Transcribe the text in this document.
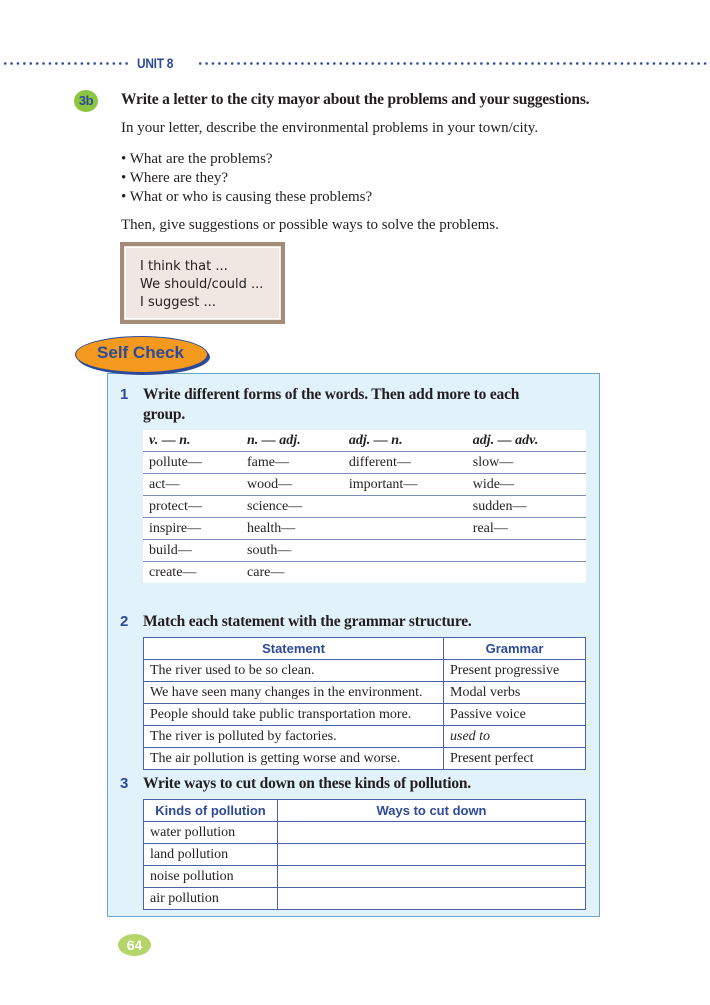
UNIT 8
3b	Write a letter to the city mayor about the problems and your suggestions.
In your letter, describe the environmental problems in your town/city.
• What are the problems?
• Where are they?
• What or who is causing these problems?
Then, give suggestions or possible ways to solve the problems.
I think that ...
We should/could ...
I suggest ...
Self Check
1 Write different forms of the words. Then add more to each
group.
v. — n.	n. — adj.	adj. — n.	adj. — adv.
pollute—	fame—	different—	slow—
act—	wood—	important—	wide—
protect—	science—		sudden—
inspire—	health—		real—
build—	south—		
create—	care—		
2 Match each statement with the grammar structure.
Statement	Grammar
The river used to be so clean.	Present progressive
We have seen many changes in the environment.	Modal verbs
People should take public transportation more.	Passive voice
The river is polluted by factories.	used to
The air pollution is getting worse and worse.	Present perfect
3 Write ways to cut down on these kinds of pollution.
Kinds of pollution	Ways to cut down
water pollution	
land pollution	
noise pollution	
air pollution	
64
